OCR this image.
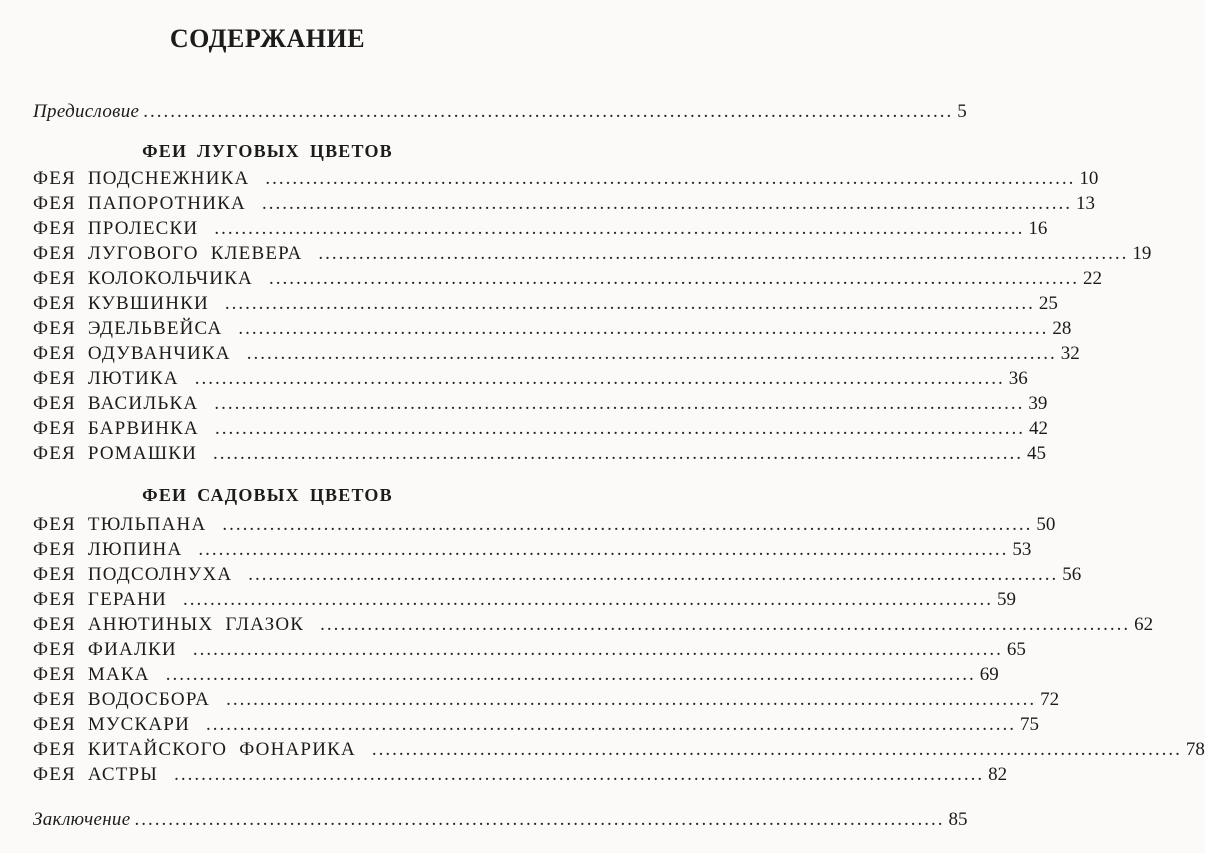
СОДЕРЖАНИЕ
Предисловие ........................................................................................................................ 5
ФЕИ ЛУГОВЫХ ЦВЕТОВ
ФЕЯ ПОДСНЕЖНИКА ........................................................................................................................ 10
ФЕЯ ПАПОРОТНИКА ........................................................................................................................ 13
ФЕЯ ПРОЛЕСКИ ........................................................................................................................ 16
ФЕЯ ЛУГОВОГО КЛЕВЕРА ........................................................................................................................ 19
ФЕЯ КОЛОКОЛЬЧИКА ........................................................................................................................ 22
ФЕЯ КУВШИНКИ ........................................................................................................................ 25
ФЕЯ ЭДЕЛЬВЕЙСА ........................................................................................................................ 28
ФЕЯ ОДУВАНЧИКА ........................................................................................................................ 32
ФЕЯ ЛЮТИКА ........................................................................................................................ 36
ФЕЯ ВАСИЛЬКА ........................................................................................................................ 39
ФЕЯ БАРВИНКА ........................................................................................................................ 42
ФЕЯ РОМАШКИ ........................................................................................................................ 45
ФЕИ САДОВЫХ ЦВЕТОВ
ФЕЯ ТЮЛЬПАНА ........................................................................................................................ 50
ФЕЯ ЛЮПИНА ........................................................................................................................ 53
ФЕЯ ПОДСОЛНУХА ........................................................................................................................ 56
ФЕЯ ГЕРАНИ ........................................................................................................................ 59
ФЕЯ АНЮТИНЫХ ГЛАЗОК ........................................................................................................................ 62
ФЕЯ ФИАЛКИ ........................................................................................................................ 65
ФЕЯ МАКА ........................................................................................................................ 69
ФЕЯ ВОДОСБОРА ........................................................................................................................ 72
ФЕЯ МУСКАРИ ........................................................................................................................ 75
ФЕЯ КИТАЙСКОГО ФОНАРИКА ........................................................................................................................ 78
ФЕЯ АСТРЫ ........................................................................................................................ 82
Заключение ........................................................................................................................ 85
